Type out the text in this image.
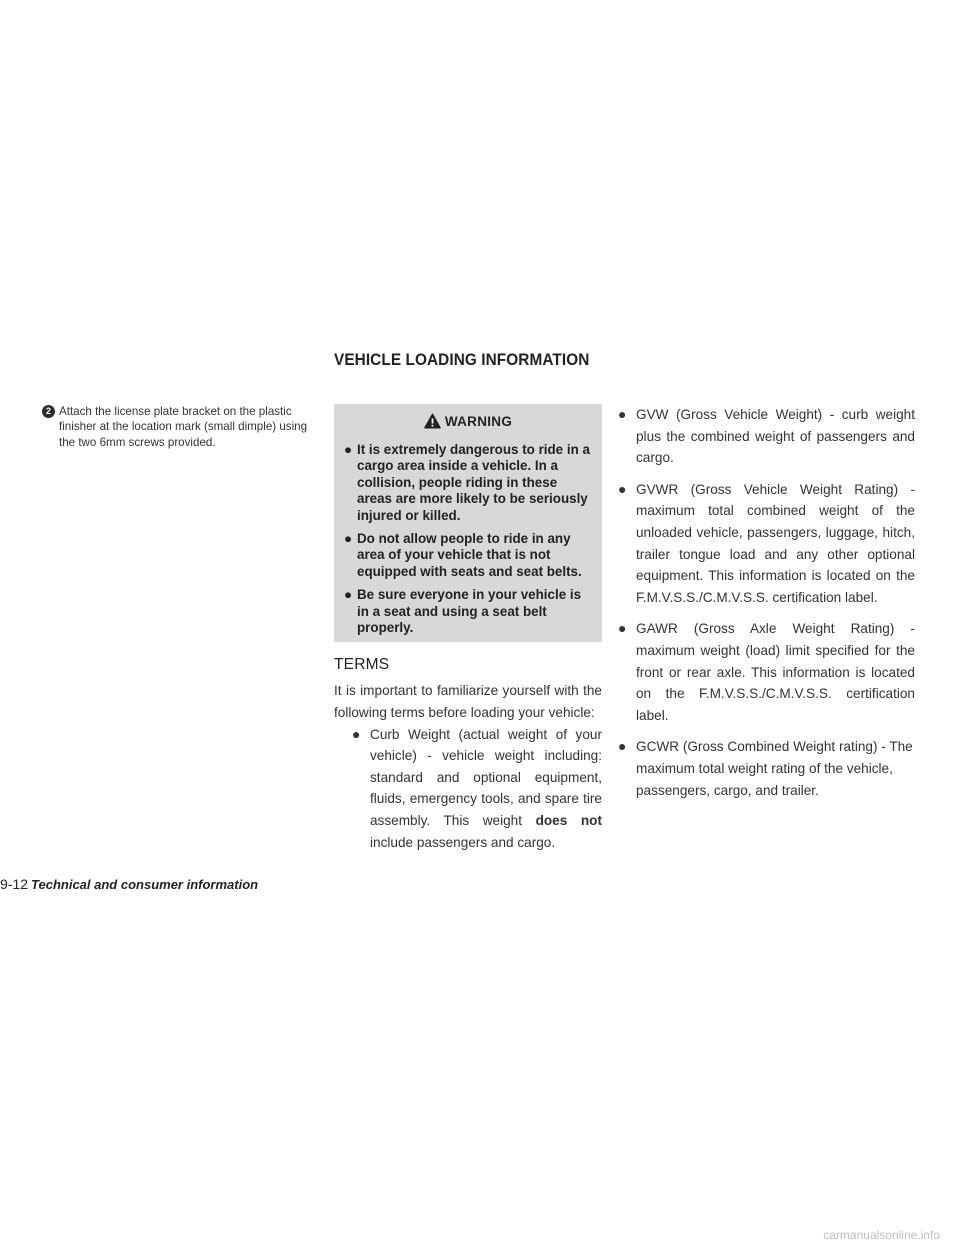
VEHICLE LOADING INFORMATION
2 Attach the license plate bracket on the plastic finisher at the location mark (small dimple) using the two 6mm screws provided.
WARNING
● It is extremely dangerous to ride in a cargo area inside a vehicle. In a collision, people riding in these areas are more likely to be seriously injured or killed.
● Do not allow people to ride in any area of your vehicle that is not equipped with seats and seat belts.
● Be sure everyone in your vehicle is in a seat and using a seat belt properly.
TERMS
It is important to familiarize yourself with the following terms before loading your vehicle:
● Curb Weight (actual weight of your vehicle) - vehicle weight including: standard and optional equipment, fluids, emergency tools, and spare tire assembly. This weight does not include passengers and cargo.
● GVW (Gross Vehicle Weight) - curb weight plus the combined weight of passengers and cargo.
● GVWR (Gross Vehicle Weight Rating) - maximum total combined weight of the unloaded vehicle, passengers, luggage, hitch, trailer tongue load and any other optional equipment. This information is located on the F.M.V.S.S./C.M.V.S.S. certification label.
● GAWR (Gross Axle Weight Rating) - maximum weight (load) limit specified for the front or rear axle. This information is located on the F.M.V.S.S./C.M.V.S.S. certification label.
● GCWR (Gross Combined Weight rating) - The maximum total weight rating of the vehicle, passengers, cargo, and trailer.
9-12 Technical and consumer information
carmanualsonline.info
